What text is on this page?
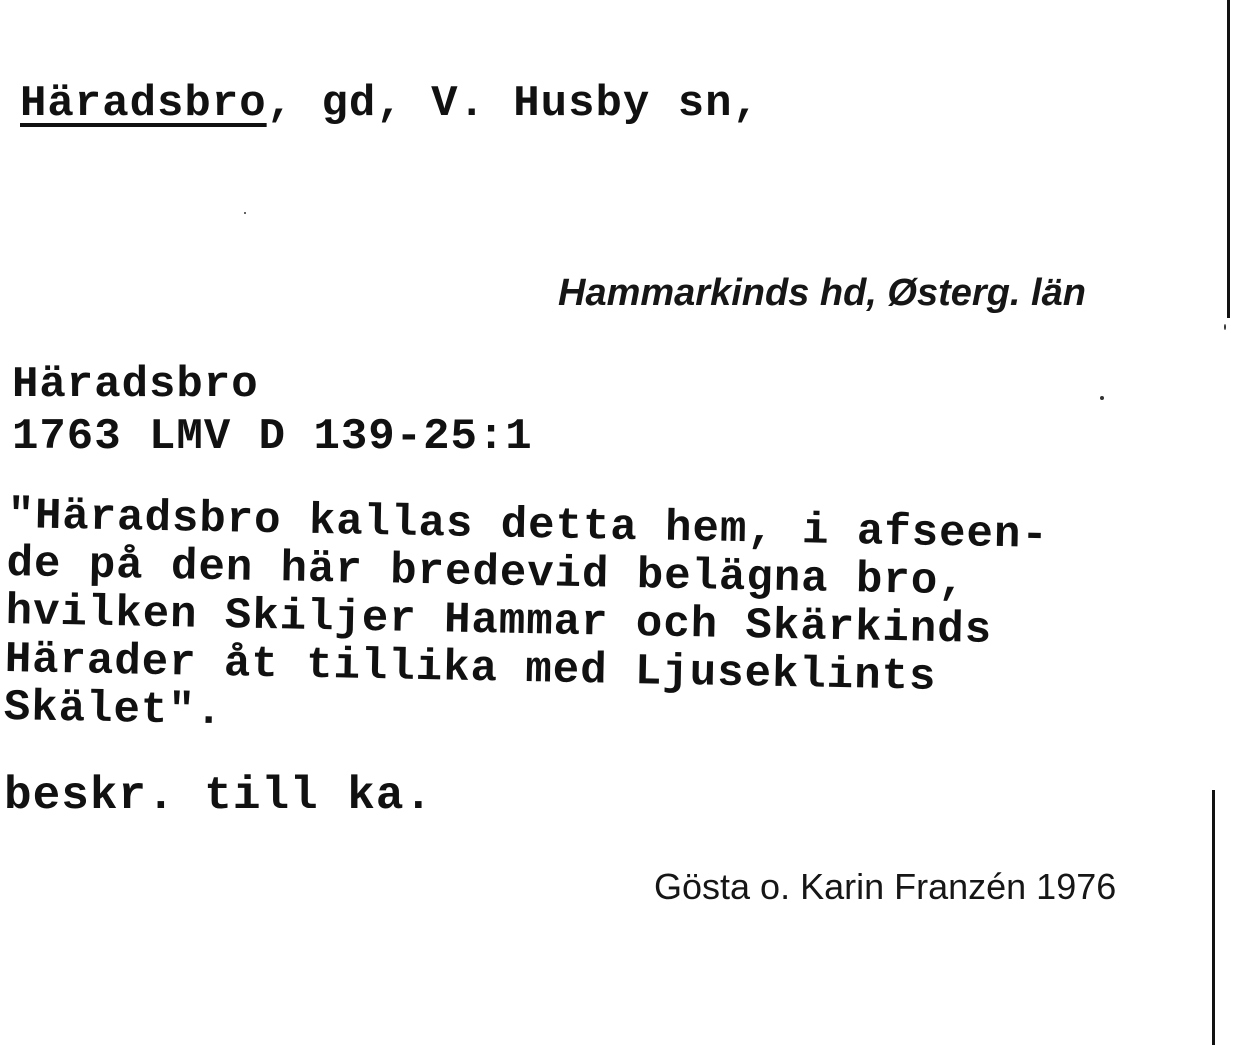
Häradsbro, gd, V. Husby sn,

Hammarkinds hd, Østerg. län

Häradsbro

1763 LMV D 139-25:1

"Häradsbro kallas detta hem, i afseen-
de på den här bredevid belägna bro,
hvilken Skiljer Hammar och Skärkinds
Härader åt tillika med Ljuseklints
Skälet".

beskr. till ka.

Gösta o. Karin Franzén 1976
